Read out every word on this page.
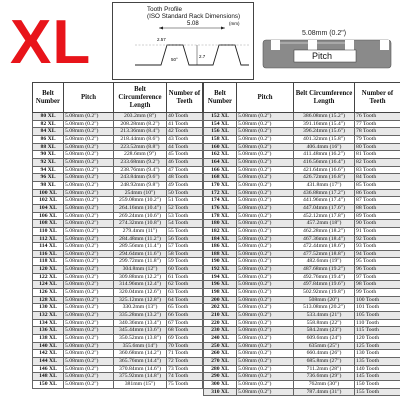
XL	Tooth Profile
(ISO Standard Rack Dimensions)
5.08	(mm)
2.57
2.7
50°
5.08mm (0.2")
Pitch
Belt Number	Pitch	Belt Circumference Length	Number of Teeth
80 XL	5.08mm (0.2")	203.2mm (8")	40 Tooth
82 XL	5.08mm (0.2")	208.28mm (8.2")	41 Tooth
84 XL	5.08mm (0.2")	213.36mm (8.4")	42 Tooth
86 XL	5.08mm (0.2")	218.44mm (8.6")	43 Tooth
88 XL	5.08mm (0.2")	223.52mm (8.8")	44 Tooth
90 XL	5.08mm (0.2")	228.6mm (9")	45 Tooth
92 XL	5.08mm (0.2")	233.68mm (9.2")	46 Tooth
94 XL	5.08mm (0.2")	238.76mm (9.4")	47 Tooth
96 XL	5.08mm (0.2")	243.84mm (9.6")	48 Tooth
98 XL	5.08mm (0.2")	248.92mm (9.8")	49 Tooth
100 XL	5.08mm (0.2")	254mm (10")	50 Tooth
102 XL	5.08mm (0.2")	259.08mm (10.2")	51 Tooth
104 XL	5.08mm (0.2")	264.16mm (10.4")	52 Tooth
106 XL	5.08mm (0.2")	269.24mm (10.6")	53 Tooth
108 XL	5.08mm (0.2")	274.32mm (10.8")	54 Tooth
110 XL	5.08mm (0.2")	279.4mm (11")	55 Tooth
112 XL	5.08mm (0.2")	284.48mm (11.2")	56 Tooth
114 XL	5.08mm (0.2")	289.56mm (11.4")	57 Tooth
116 XL	5.08mm (0.2")	294.64mm (11.6")	58 Tooth
118 XL	5.08mm (0.2")	299.72mm (11.8")	59 Tooth
120 XL	5.08mm (0.2")	304.8mm (12")	60 Tooth
122 XL	5.08mm (0.2")	309.88mm (12.2")	61 Tooth
124 XL	5.08mm (0.2")	314.96mm (12.4")	62 Tooth
126 XL	5.08mm (0.2")	320.04mm (12.6")	63 Tooth
128 XL	5.08mm (0.2")	325.12mm (12.8")	64 Tooth
130 XL	5.08mm (0.2")	330.2mm (13")	65 Tooth
132 XL	5.08mm (0.2")	335.28mm (13.2")	66 Tooth
134 XL	5.08mm (0.2")	340.36mm (13.4")	67 Tooth
136 XL	5.08mm (0.2")	345.44mm (13.6")	68 Tooth
138 XL	5.08mm (0.2")	350.52mm (13.8")	69 Tooth
140 XL	5.08mm (0.2")	355.6mm (14")	70 Tooth
142 XL	5.08mm (0.2")	360.68mm (14.2")	71 Tooth
144 XL	5.08mm (0.2")	365.76mm (14.4")	72 Tooth
146 XL	5.08mm (0.2")	370.84mm (14.6")	73 Tooth
148 XL	5.08mm (0.2")	375.92mm (14.8")	74 Tooth
150 XL	5.08mm (0.2")	381mm (15")	75 Tooth
Belt Number	Pitch	Belt Circumference Length	Number of Teeth
152 XL	5.08mm (0.2")	386.08mm (15.2")	76 Tooth
154 XL	5.08mm (0.2")	391.16mm (15.4")	77 Tooth
156 XL	5.08mm (0.2")	396.24mm (15.6")	78 Tooth
158 XL	5.08mm (0.2")	401.32mm (15.8")	79 Tooth
160 XL	5.08mm (0.2")	406.4mm (16")	80 Tooth
162 XL	5.08mm (0.2")	411.48mm (16.2")	81 Tooth
164 XL	5.08mm (0.2")	416.56mm (16.4")	82 Tooth
166 XL	5.08mm (0.2")	421.64mm (16.6")	83 Tooth
168 XL	5.08mm (0.2")	426.72mm (16.8")	84 Tooth
170 XL	5.08mm (0.2")	431.8mm (17")	85 Tooth
172 XL	5.08mm (0.2")	436.88mm (17.2")	86 Tooth
174 XL	5.08mm (0.2")	441.96mm (17.4")	87 Tooth
176 XL	5.08mm (0.2")	447.04mm (17.6")	88 Tooth
178 XL	5.08mm (0.2")	452.12mm (17.8")	89 Tooth
180 XL	5.08mm (0.2")	457.2mm (18")	90 Tooth
182 XL	5.08mm (0.2")	462.28mm (18.2")	91 Tooth
184 XL	5.08mm (0.2")	467.36mm (18.4")	92 Tooth
186 XL	5.08mm (0.2")	472.44mm (18.6")	93 Tooth
188 XL	5.08mm (0.2")	477.52mm (18.8")	94 Tooth
190 XL	5.08mm (0.2")	482.6mm (19")	95 Tooth
192 XL	5.08mm (0.2")	487.68mm (19.2")	96 Tooth
194 XL	5.08mm (0.2")	492.76mm (19.4")	97 Tooth
196 XL	5.08mm (0.2")	497.84mm (19.6")	98 Tooth
198 XL	5.08mm (0.2")	502.92mm (19.8")	99 Tooth
200 XL	5.08mm (0.2")	508mm (20")	100 Tooth
202 XL	5.08mm (0.2")	513.08mm (20.2")	101 Tooth
210 XL	5.08mm (0.2")	533.4mm (21")	105 Tooth
220 XL	5.08mm (0.2")	558.8mm (22")	110 Tooth
230 XL	5.08mm (0.2")	584.2mm (23")	115 Tooth
240 XL	5.08mm (0.2")	609.6mm (24")	120 Tooth
250 XL	5.08mm (0.2")	635mm (25")	125 Tooth
260 XL	5.08mm (0.2")	660.4mm (26")	130 Tooth
270 XL	5.08mm (0.2")	685.8mm (27")	135 Tooth
280 XL	5.08mm (0.2")	711.2mm (28")	140 Tooth
290 XL	5.08mm (0.2")	736.6mm (29")	145 Tooth
300 XL	5.08mm (0.2")	762mm (30")	150 Tooth
310 XL	5.08mm (0.2")	787.4mm (31")	155 Tooth
